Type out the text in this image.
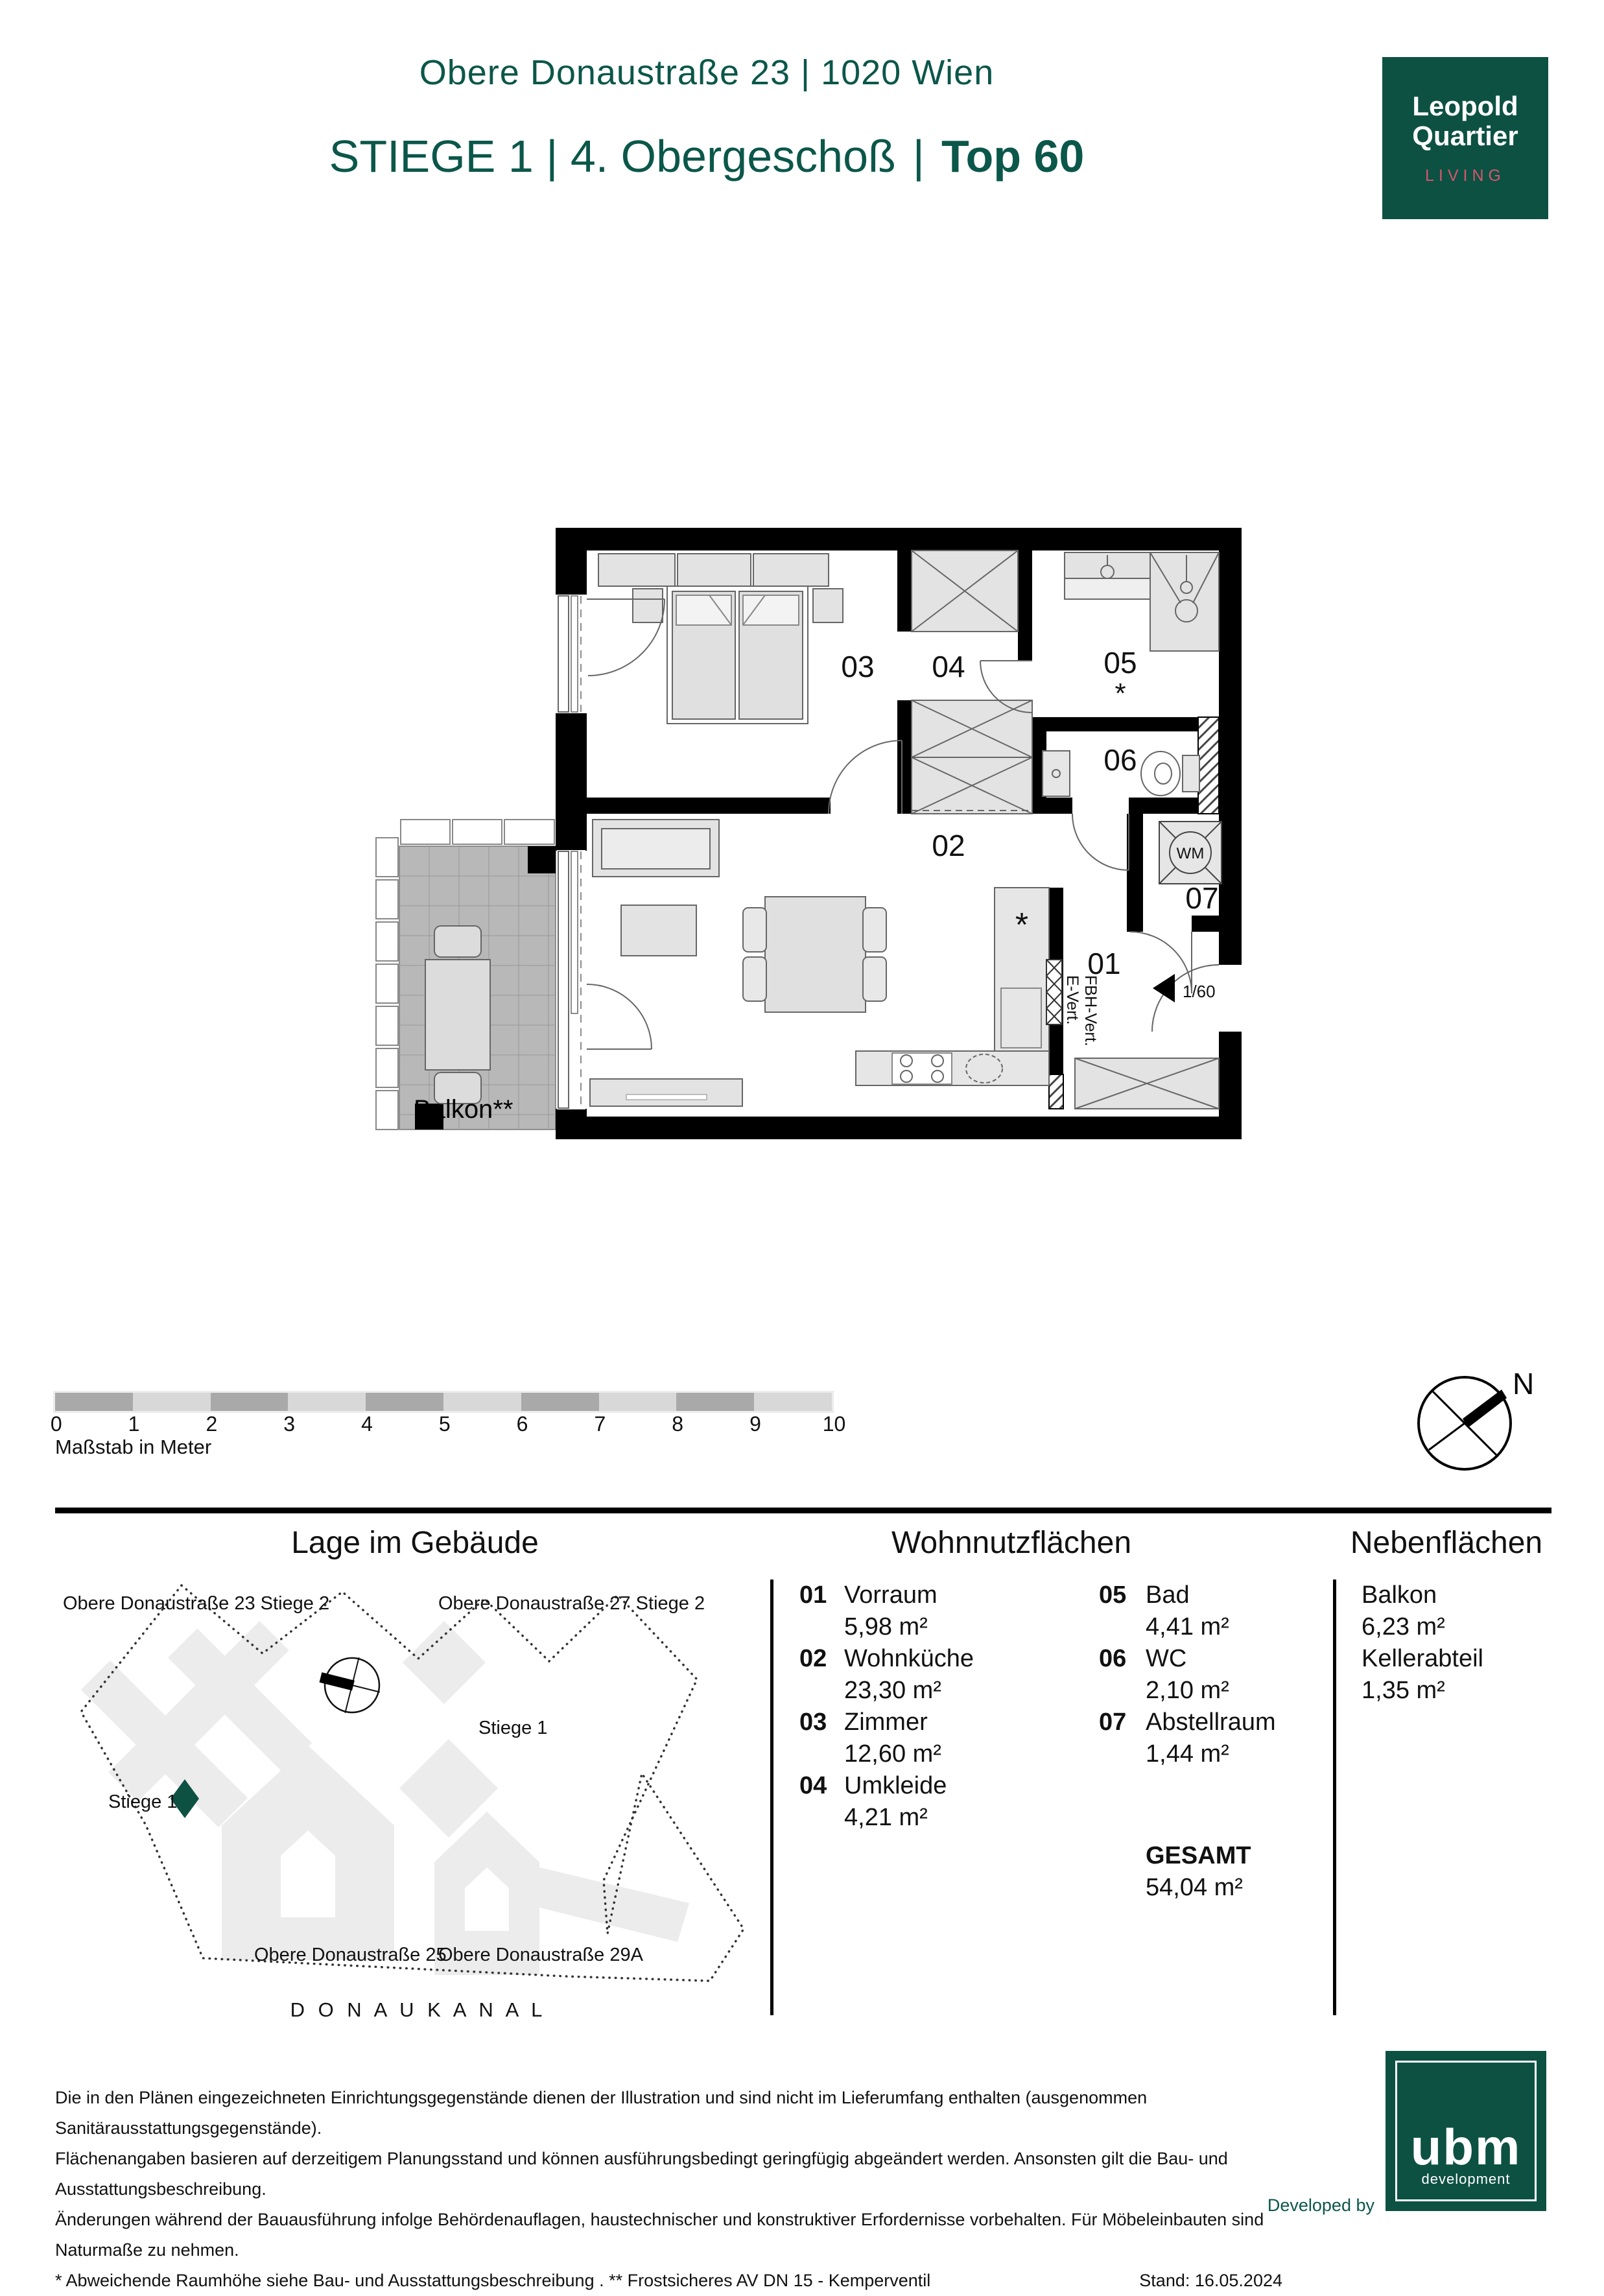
Obere Donaustraße 23 | 1020 Wien
STIEGE 1 | 4. Obergeschoß | Top 60
Leopold
Quartier
LIVING
Balkon**
03 04	05
*
06
02
01
07
*
WM
1/60
FBH-Vert.
E-Vert.
0	1	2	3	4	5	6	7	8	9	10
Maßstab in Meter
N
Lage im Gebäude	Wohnnutzflächen	Nebenflächen
Obere Donaustraße 23 Stiege 2	Obere Donaustraße 27 Stiege 2
Stiege 1
Stiege 1
Obere Donaustraße 25
Obere Donaustraße 29A
D O N A U K A N A L
01 Vorraum
5,98 m²
02 Wohnküche
23,30 m²
03 Zimmer
12,60 m²
04 Umkleide
4,21 m²
05 Bad
4,41 m²
06 WC
2,10 m²
07 Abstellraum
1,44 m²
GESAMT
54,04 m²
Balkon
6,23 m²
Kellerabteil
1,35 m²
Die in den Plänen eingezeichneten Einrichtungsgegenstände dienen der Illustration und sind nicht im Lieferumfang enthalten (ausgenommen Sanitärausstattungsgegenstände).
Flächenangaben basieren auf derzeitigem Planungsstand und können ausführungsbedingt geringfügig abgeändert werden. Ansonsten gilt die Bau- und Ausstattungsbeschreibung.
Änderungen während der Bauausführung infolge Behördenauflagen, haustechnischer und konstruktiver Erfordernisse vorbehalten. Für Möbeleinbauten sind Naturmaße zu nehmen.
* Abweichende Raumhöhe siehe Bau- und Ausstattungsbeschreibung . ** Frostsicheres AV DN 15 - Kemperventil	Stand: 16.05.2024
Developed by
ubm
development
